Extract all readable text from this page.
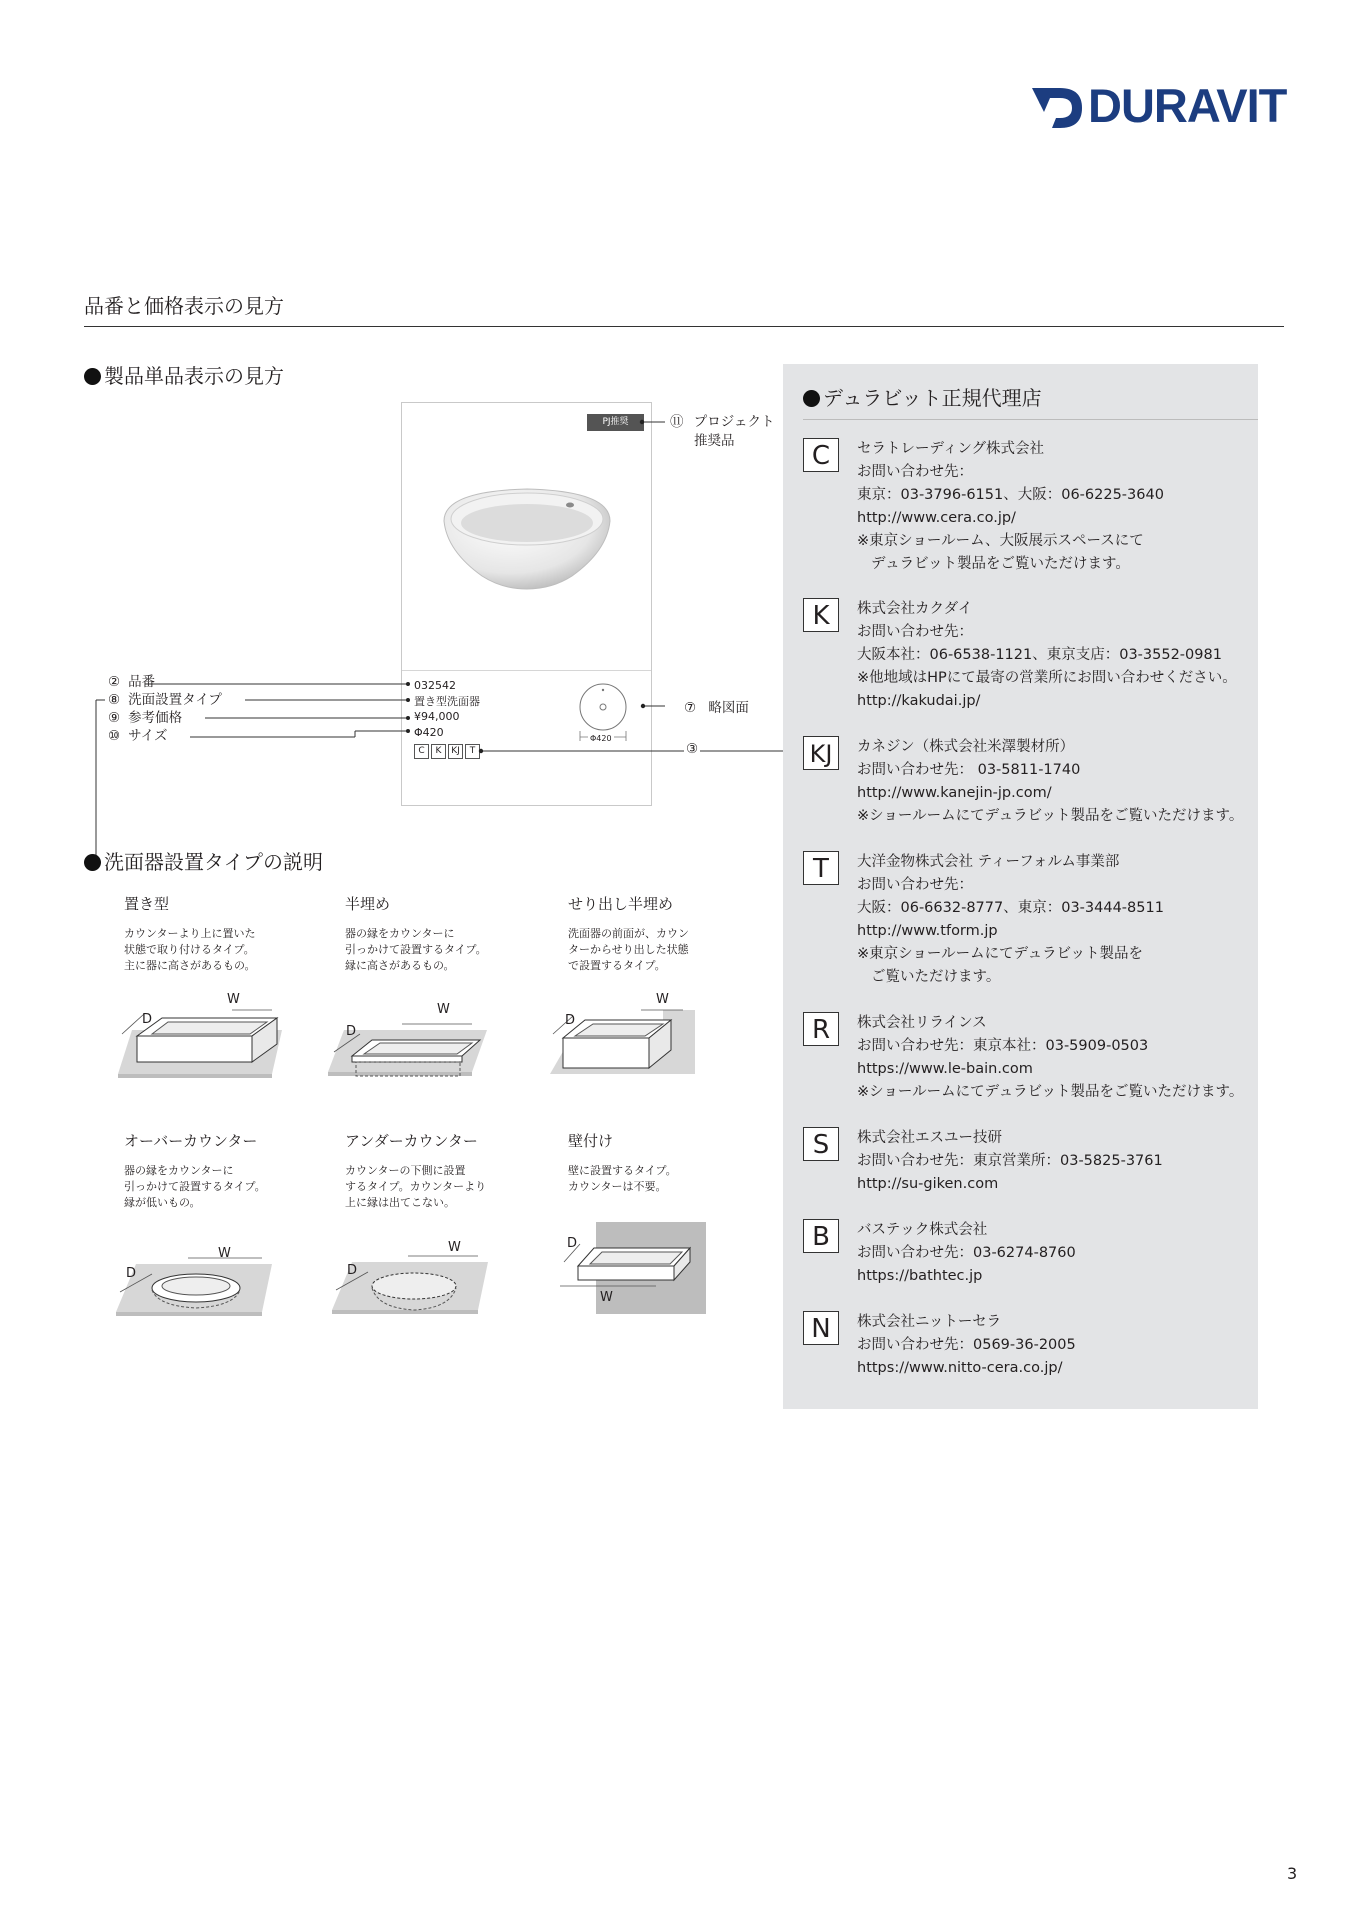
DURAVIT
品番と価格表示の見方
製品単品表示の見方
PJ推奨
032542
置き型洗面器
¥94,000
Φ420
C K KJ T
Φ420
⑪ プロジェクト
推奨品
⑦ 略図面
③
② 品番
⑧ 洗面設置タイプ
⑨ 参考価格
⑩ サイズ
洗面器設置タイプの説明
置き型
カウンターより上に置いた
状態で取り付けるタイプ。
主に器に高さがあるもの。
半埋め
器の縁をカウンターに
引っかけて設置するタイプ。
縁に高さがあるもの。
せり出し半埋め
洗面器の前面が、カウン
ターからせり出した状態
で設置するタイプ。
オーバーカウンター
器の縁をカウンターに
引っかけて設置するタイプ。
縁が低いもの。
アンダーカウンター
カウンターの下側に設置
するタイプ。カウンターより
上に縁は出てこない。
壁付け
壁に設置するタイプ。
カウンターは不要。
W
D
W
D
W
D
W
D
W
D
D
W
デュラビット正規代理店
C	セラトレーディング株式会社
お問い合わせ先：
東京：03-3796-6151、大阪：06-6225-3640
http://www.cera.co.jp/
※東京ショールーム、大阪展示スペースにて
デュラビット製品をご覧いただけます。
K	株式会社カクダイ
お問い合わせ先：
大阪本社：06-6538-1121、東京支店：03-3552-0981
※他地域はHPにて最寄の営業所にお問い合わせください。
http://kakudai.jp/
KJ	カネジン（株式会社米澤製材所）
お問い合わせ先： 03-5811-1740
http://www.kanejin-jp.com/
※ショールームにてデュラビット製品をご覧いただけます。
T	大洋金物株式会社 ティーフォルム事業部
お問い合わせ先：
大阪：06-6632-8777、東京：03-3444-8511
http://www.tform.jp
※東京ショールームにてデュラビット製品を
ご覧いただけます。
R	株式会社リラインス
お問い合わせ先：東京本社：03-5909-0503
https://www.le-bain.com
※ショールームにてデュラビット製品をご覧いただけます。
S	株式会社エスユー技研
お問い合わせ先：東京営業所：03-5825-3761
http://su-giken.com
B	バステック株式会社
お問い合わせ先：03-6274-8760
https://bathtec.jp
N	株式会社ニットーセラ
お問い合わせ先：0569-36-2005
https://www.nitto-cera.co.jp/
3
